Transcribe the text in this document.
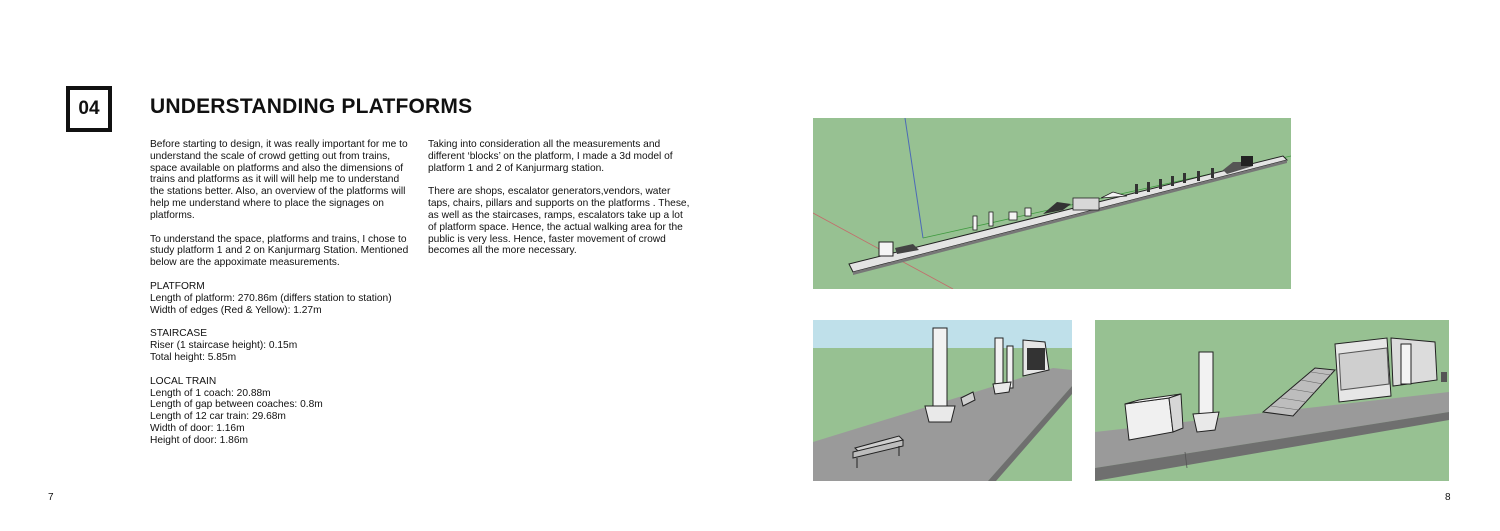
04 UNDERSTANDING PLATFORMS

Before starting to design, it was really important for me to understand the scale of crowd getting out from trains, space available on platforms and also the dimensions of trains and platforms as it will will help me to understand the stations better. Also, an overview of the platforms will help me understand where to place the signages on platforms.

To understand the space, platforms and trains, I chose to study platform 1 and 2 on Kanjurmarg Station. Mentioned below are the appoximate measurements.

PLATFORM
Length of platform: 270.86m (differs station to station)
Width of edges (Red & Yellow): 1.27m
STAIRCASE
Riser (1 staircase height): 0.15m
Total height: 5.85m
LOCAL TRAIN
Length of 1 coach: 20.88m
Length of gap between coaches: 0.8m
Length of 12 car train: 29.68m
Width of door: 1.16m
Height of door: 1.86m

Taking into consideration all the measurements and different ‘blocks’ on the platform, I made a 3d model of platform 1 and 2 of Kanjurmarg station.

There are shops, escalator generators,vendors, water taps, chairs, pillars and supports on the platforms . These, as well as the staircases, ramps, escalators take up a lot of platform space. Hence, the actual walking area for the public is very less. Hence, faster movement of crowd becomes all the more necessary.

7	8
